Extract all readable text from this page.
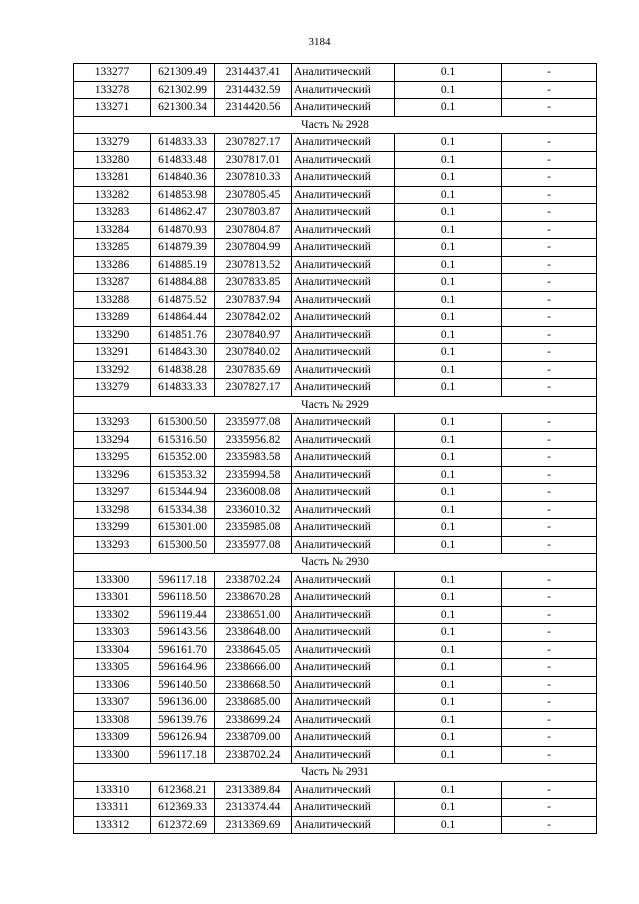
3184
133277	621309.49	2314437.41	Аналитический	0.1	-
133278	621302.99	2314432.59	Аналитический	0.1	-
133271	621300.34	2314420.56	Аналитический	0.1	-
Часть № 2928					
133279	614833.33	2307827.17	Аналитический	0.1	-
133280	614833.48	2307817.01	Аналитический	0.1	-
133281	614840.36	2307810.33	Аналитический	0.1	-
133282	614853.98	2307805.45	Аналитический	0.1	-
133283	614862.47	2307803.87	Аналитический	0.1	-
133284	614870.93	2307804.87	Аналитический	0.1	-
133285	614879.39	2307804.99	Аналитический	0.1	-
133286	614885.19	2307813.52	Аналитический	0.1	-
133287	614884.88	2307833.85	Аналитический	0.1	-
133288	614875.52	2307837.94	Аналитический	0.1	-
133289	614864.44	2307842.02	Аналитический	0.1	-
133290	614851.76	2307840.97	Аналитический	0.1	-
133291	614843.30	2307840.02	Аналитический	0.1	-
133292	614838.28	2307835.69	Аналитический	0.1	-
133279	614833.33	2307827.17	Аналитический	0.1	-
Часть № 2929					
133293	615300.50	2335977.08	Аналитический	0.1	-
133294	615316.50	2335956.82	Аналитический	0.1	-
133295	615352.00	2335983.58	Аналитический	0.1	-
133296	615353.32	2335994.58	Аналитический	0.1	-
133297	615344.94	2336008.08	Аналитический	0.1	-
133298	615334.38	2336010.32	Аналитический	0.1	-
133299	615301.00	2335985.08	Аналитический	0.1	-
133293	615300.50	2335977.08	Аналитический	0.1	-
Часть № 2930					
133300	596117.18	2338702.24	Аналитический	0.1	-
133301	596118.50	2338670.28	Аналитический	0.1	-
133302	596119.44	2338651.00	Аналитический	0.1	-
133303	596143.56	2338648.00	Аналитический	0.1	-
133304	596161.70	2338645.05	Аналитический	0.1	-
133305	596164.96	2338666.00	Аналитический	0.1	-
133306	596140.50	2338668.50	Аналитический	0.1	-
133307	596136.00	2338685.00	Аналитический	0.1	-
133308	596139.76	2338699.24	Аналитический	0.1	-
133309	596126.94	2338709.00	Аналитический	0.1	-
133300	596117.18	2338702.24	Аналитический	0.1	-
Часть № 2931					
133310	612368.21	2313389.84	Аналитический	0.1	-
133311	612369.33	2313374.44	Аналитический	0.1	-
133312	612372.69	2313369.69	Аналитический	0.1	-
